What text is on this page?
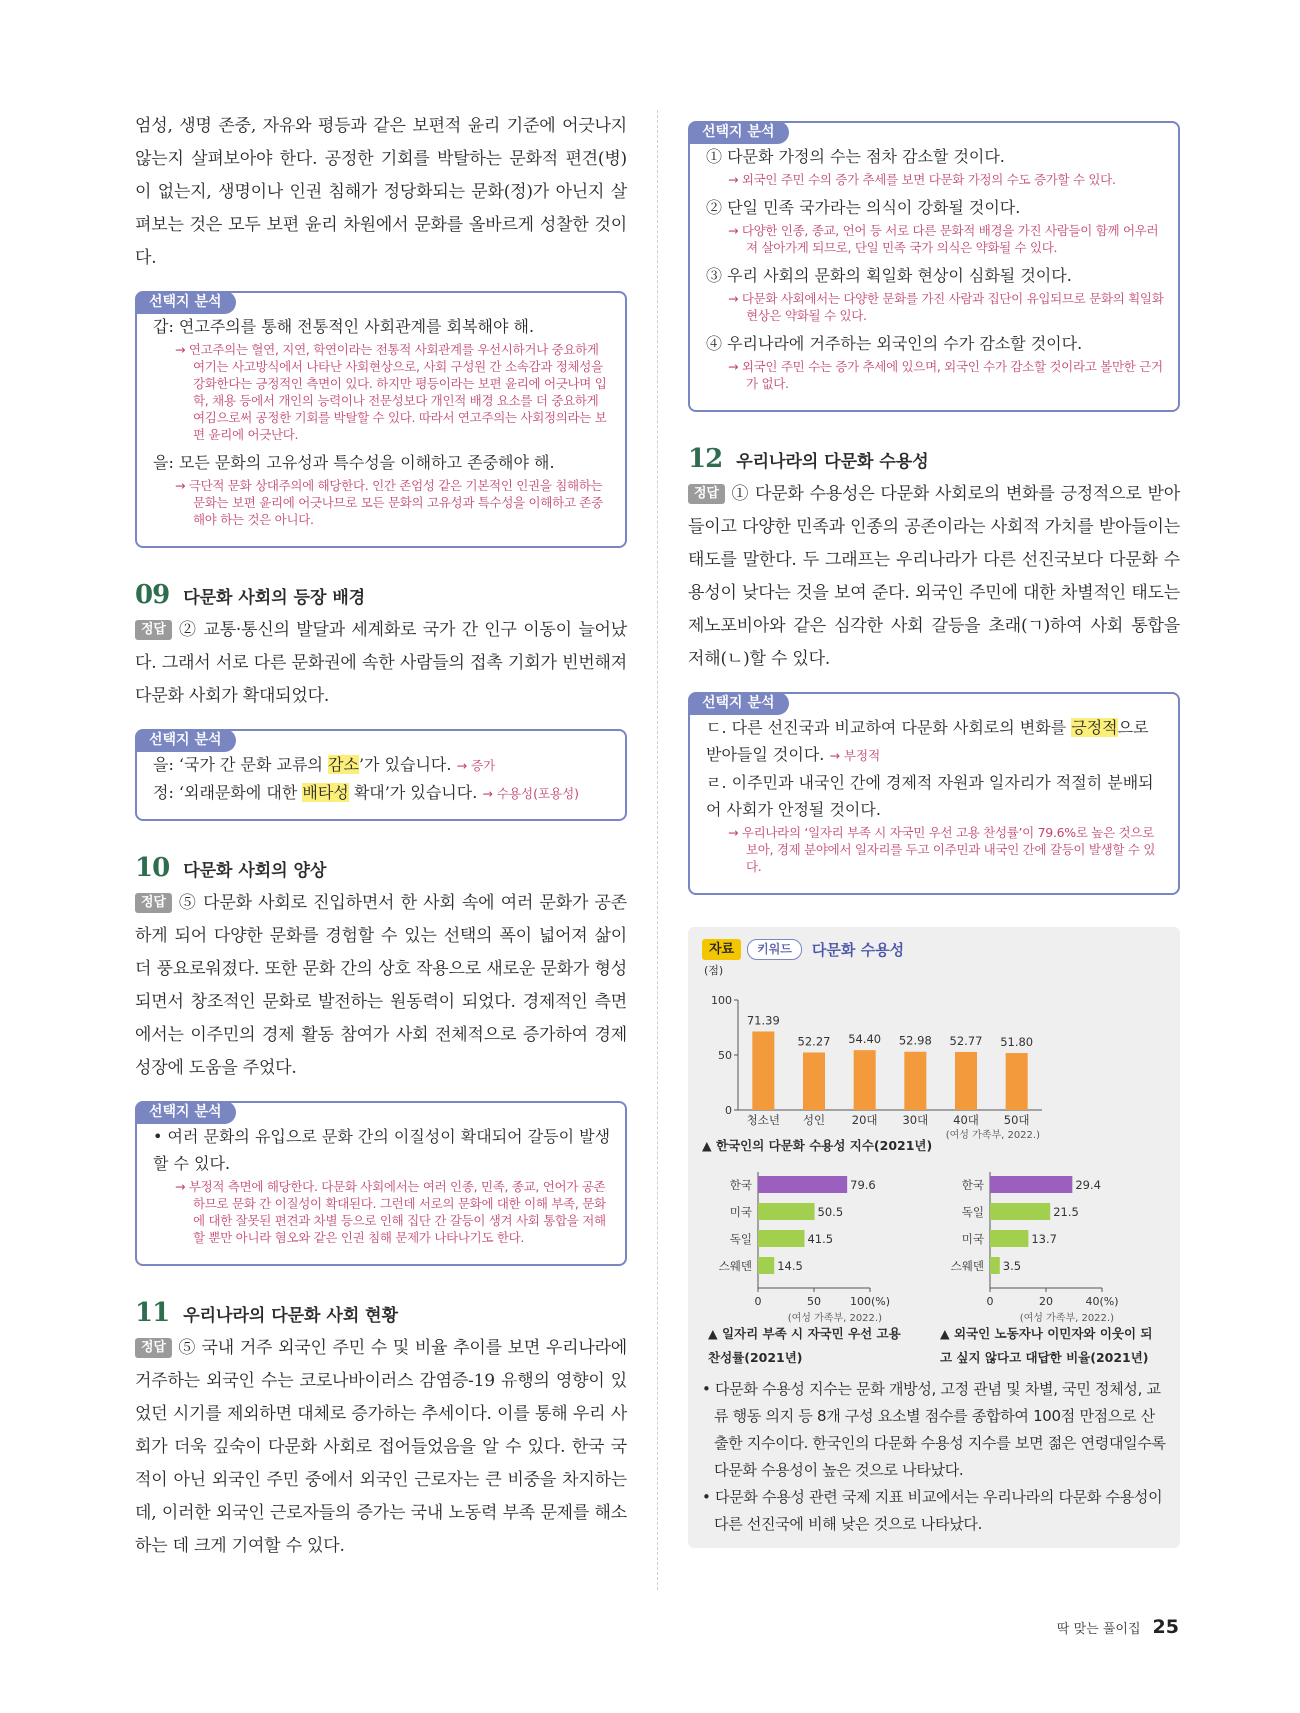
엄성, 생명 존중, 자유와 평등과 같은 보편적 윤리 기준에 어긋나지 않는지 살펴보아야 한다. 공정한 기회를 박탈하는 문화적 편견(병)이 없는지, 생명이나 인권 침해가 정당화되는 문화(정)가 아닌지 살펴보는 것은 모두 보편 윤리 차원에서 문화를 올바르게 성찰한 것이다.

선택지 분석
갑: 연고주의를 통해 전통적인 사회관계를 회복해야 해.
→ 연고주의는 혈연, 지연, 학연이라는 전통적 사회관계를 우선시하거나 중요하게 여기는 사고방식에서 나타난 사회현상으로, 사회 구성원 간 소속감과 정체성을 강화한다는 긍정적인 측면이 있다. 하지만 평등이라는 보편 윤리에 어긋나며 입학, 채용 등에서 개인의 능력이나 전문성보다 개인적 배경 요소를 더 중요하게 여김으로써 공정한 기회를 박탈할 수 있다. 따라서 연고주의는 사회정의라는 보편 윤리에 어긋난다.
을: 모든 문화의 고유성과 특수성을 이해하고 존중해야 해.
→ 극단적 문화 상대주의에 해당한다. 인간 존엄성 같은 기본적인 인권을 침해하는 문화는 보편 윤리에 어긋나므로 모든 문화의 고유성과 특수성을 이해하고 존중해야 하는 것은 아니다.
09 다문화 사회의 등장 배경

정답 ② 교통·통신의 발달과 세계화로 국가 간 인구 이동이 늘어났다. 그래서 서로 다른 문화권에 속한 사람들의 접촉 기회가 빈번해져 다문화 사회가 확대되었다.

선택지 분석
을: ‘국가 간 문화 교류의 감소’가 있습니다. → 증가
정: ‘외래문화에 대한 배타성 확대’가 있습니다. → 수용성(포용성)
10 다문화 사회의 양상

정답 ⑤ 다문화 사회로 진입하면서 한 사회 속에 여러 문화가 공존하게 되어 다양한 문화를 경험할 수 있는 선택의 폭이 넓어져 삶이 더 풍요로워졌다. 또한 문화 간의 상호 작용으로 새로운 문화가 형성되면서 창조적인 문화로 발전하는 원동력이 되었다. 경제적인 측면에서는 이주민의 경제 활동 참여가 사회 전체적으로 증가하여 경제 성장에 도움을 주었다.

선택지 분석
• 여러 문화의 유입으로 문화 간의 이질성이 확대되어 갈등이 발생할 수 있다.
→ 부정적 측면에 해당한다. 다문화 사회에서는 여러 인종, 민족, 종교, 언어가 공존하므로 문화 간 이질성이 확대된다. 그런데 서로의 문화에 대한 이해 부족, 문화에 대한 잘못된 편견과 차별 등으로 인해 집단 간 갈등이 생겨 사회 통합을 저해할 뿐만 아니라 혐오와 같은 인권 침해 문제가 나타나기도 한다.
11 우리나라의 다문화 사회 현황

정답 ⑤ 국내 거주 외국인 주민 수 및 비율 추이를 보면 우리나라에 거주하는 외국인 수는 코로나바이러스 감염증-19 유행의 영향이 있었던 시기를 제외하면 대체로 증가하는 추세이다. 이를 통해 우리 사회가 더욱 깊숙이 다문화 사회로 접어들었음을 알 수 있다. 한국 국적이 아닌 외국인 주민 중에서 외국인 근로자는 큰 비중을 차지하는데, 이러한 외국인 근로자들의 증가는 국내 노동력 부족 문제를 해소하는 데 크게 기여할 수 있다.

선택지 분석
① 다문화 가정의 수는 점차 감소할 것이다.
→ 외국인 주민 수의 증가 추세를 보면 다문화 가정의 수도 증가할 수 있다.
② 단일 민족 국가라는 의식이 강화될 것이다.
→ 다양한 인종, 종교, 언어 등 서로 다른 문화적 배경을 가진 사람들이 함께 어우러져 살아가게 되므로, 단일 민족 국가 의식은 약화될 수 있다.
③ 우리 사회의 문화의 획일화 현상이 심화될 것이다.
→ 다문화 사회에서는 다양한 문화를 가진 사람과 집단이 유입되므로 문화의 획일화 현상은 약화될 수 있다.
④ 우리나라에 거주하는 외국인의 수가 감소할 것이다.
→ 외국인 주민 수는 증가 추세에 있으며, 외국인 수가 감소할 것이라고 볼만한 근거가 없다.
12 우리나라의 다문화 수용성

정답 ① 다문화 수용성은 다문화 사회로의 변화를 긍정적으로 받아들이고 다양한 민족과 인종의 공존이라는 사회적 가치를 받아들이는 태도를 말한다. 두 그래프는 우리나라가 다른 선진국보다 다문화 수용성이 낮다는 것을 보여 준다. 외국인 주민에 대한 차별적인 태도는 제노포비아와 같은 심각한 사회 갈등을 초래(ㄱ)하여 사회 통합을 저해(ㄴ)할 수 있다.

선택지 분석
ㄷ. 다른 선진국과 비교하여 다문화 사회로의 변화를 긍정적으로 받아들일 것이다. → 부정적
ㄹ. 이주민과 내국인 간에 경제적 자원과 일자리가 적절히 분배되어 사회가 안정될 것이다.
→ 우리나라의 ‘일자리 부족 시 자국민 우선 고용 찬성률’이 79.6%로 높은 것으로 보아, 경제 분야에서 일자리를 두고 이주민과 내국인 간에 갈등이 발생할 수 있다.
자료	키워드	다문화 수용성
(점)
0
50
100
71.39
청소년
52.27
성인
54.40
20대
52.98
30대
52.77
40대
51.80
50대
(여성 가족부, 2022.)
▲ 한국인의 다문화 수용성 지수(2021년)
한국	79.6
미국	50.5
독일	41.5
스웨덴 14.5
0	50	100(%)
(여성 가족부, 2022.)
한국	29.4
독일	21.5
미국	13.7
스웨덴 3.5
0	20	40(%)
(여성 가족부, 2022.)
▲ 일자리 부족 시 자국민 우선 고용
찬성률(2021년)
▲ 외국인 노동자나 이민자와 이웃이 되
고 싶지 않다고 대답한 비율(2021년)
• 다문화 수용성 지수는 문화 개방성, 고정 관념 및 차별, 국민 정체성, 교류 행동 의지 등 8개 구성 요소별 점수를 종합하여 100점 만점으로 산출한 지수이다. 한국인의 다문화 수용성 지수를 보면 젊은 연령대일수록 다문화 수용성이 높은 것으로 나타났다.
• 다문화 수용성 관련 국제 지표 비교에서는 우리나라의 다문화 수용성이 다른 선진국에 비해 낮은 것으로 나타났다.
딱 맞는 풀이집 25
